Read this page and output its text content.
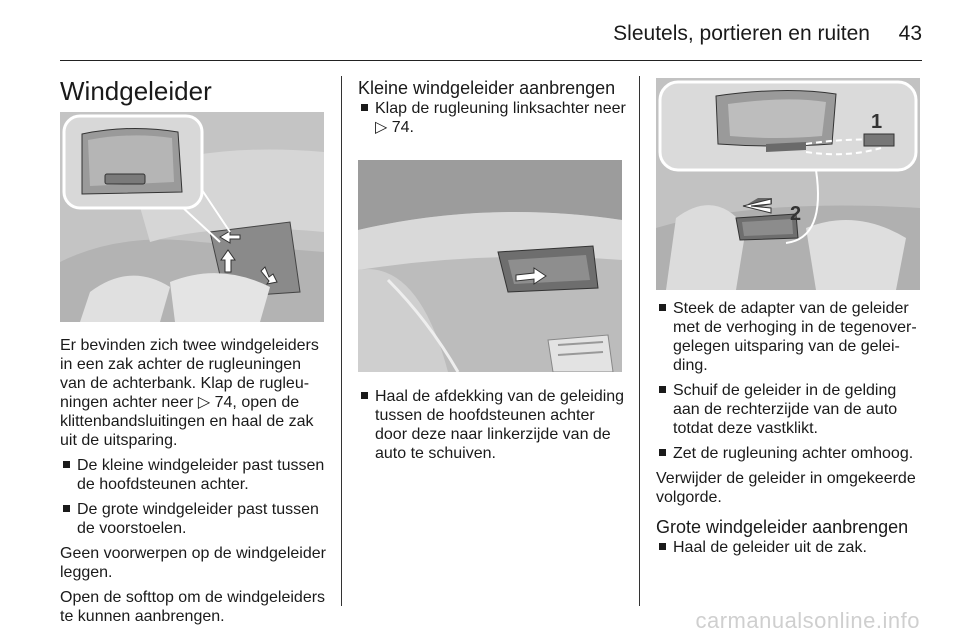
Sleutels, portieren en ruiten 43
Windgeleider

Er bevinden zich twee windgeleiders in een zak achter de rugleuningen van de achterbank. Klap de rugleu-ningen achter neer ▷ 74, open de klittenbandsluitingen en haal de zak uit de uitsparing.

De kleine windgeleider past tussen de hoofdsteunen achter.
De grote windgeleider past tussen de voorstoelen.

Geen voorwerpen op de windgeleider leggen.

Open de softtop om de windgeleiders te kunnen aanbrengen.

Kleine windgeleider aanbrengen
Klap de rugleuning linksachter neer ▷ 74.
Haal de afdekking van de geleiding tussen de hoofdsteunen achter door deze naar linkerzijde van de auto te schuiven.
1
2
Steek de adapter van de geleider met de verhoging in de tegenover-gelegen uitsparing van de gelei-ding.
Schuif de geleider in de gelding aan de rechterzijde van de auto totdat deze vastklikt.
Zet de rugleuning achter omhoog.

Verwijder de geleider in omgekeerde volgorde.

Grote windgeleider aanbrengen
Haal de geleider uit de zak.
carmanualsonline.info
